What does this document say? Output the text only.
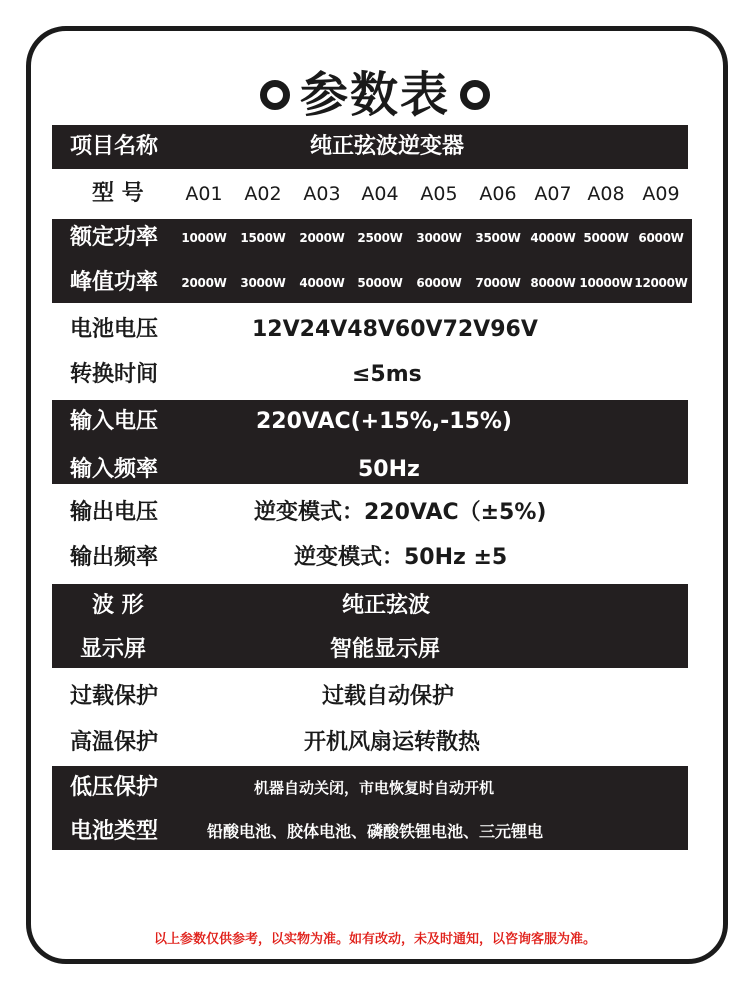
参数表
项目名称	纯正弦波逆变器
型 号 A01 A02 A03 A04 A05 A06 A07 A08 A09
额定功率 1000W 1500W 2000W 2500W 3000W 3500W 4000W 5000W 6000W
峰值功率 2000W 3000W 4000W 5000W 6000W 7000W 8000W 10000W 12000W
电池电压	12V24V48V60V72V96V
转换时间	≤5ms
输入电压	220VAC(+15%,-15%)
输入频率	50Hz
输出电压	逆变模式：220VAC（±5%)
输出频率	逆变模式：50Hz ±5
波 形	纯正弦波
显示屏	智能显示屏
过载保护	过载自动保护
高温保护	开机风扇运转散热
低压保护	机器自动关闭，市电恢复时自动开机
电池类型	铅酸电池、胶体电池、磷酸铁锂电池、三元锂电
以上参数仅供参考，以实物为准。如有改动，未及时通知，以咨询客服为准。
